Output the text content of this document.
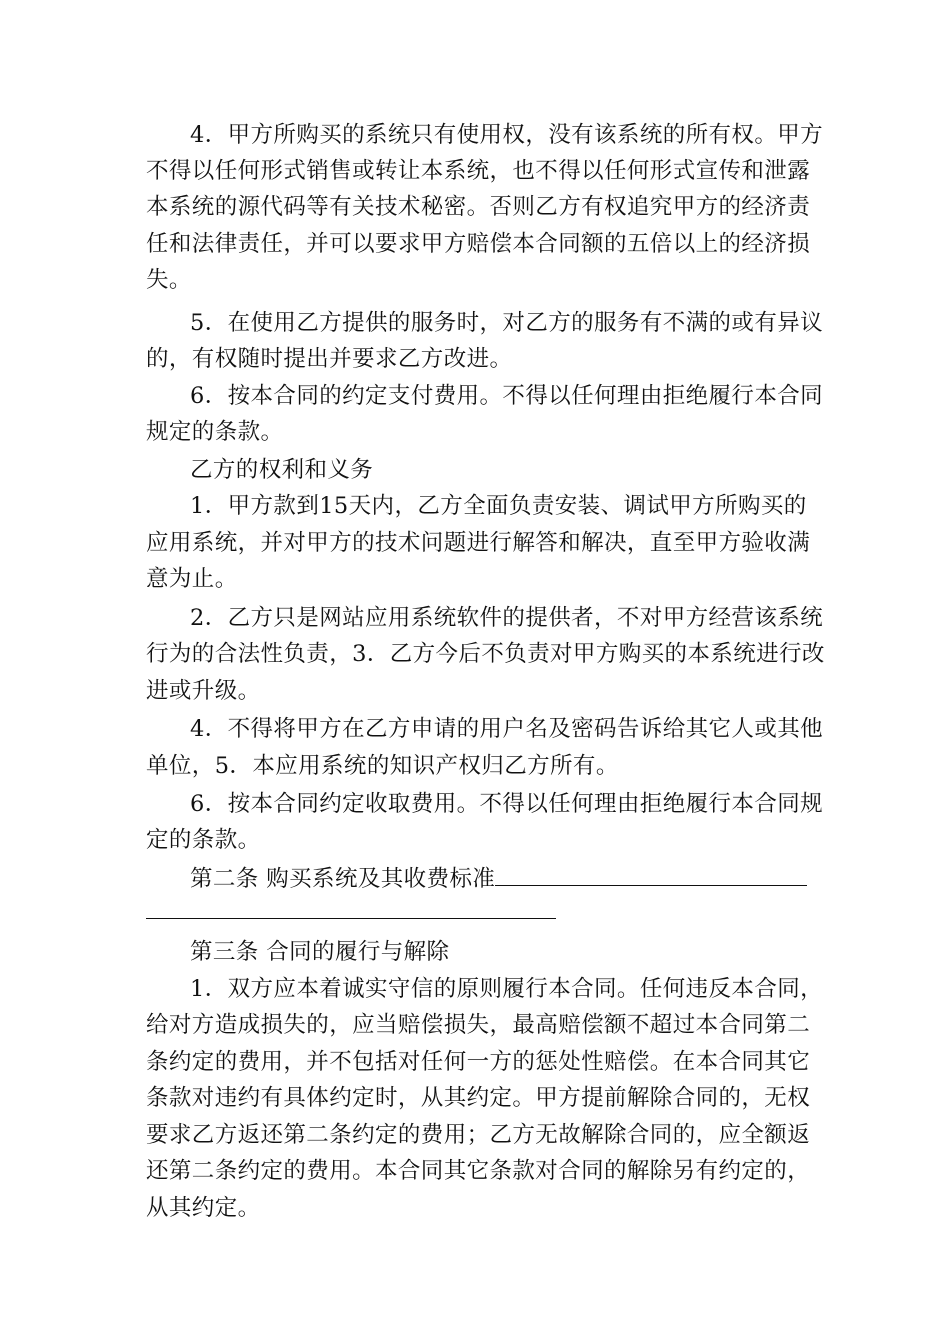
4．甲方所购买的系统只有使用权，没有该系统的所有权。甲方
不得以任何形式销售或转让本系统，也不得以任何形式宣传和泄露
本系统的源代码等有关技术秘密。否则乙方有权追究甲方的经济责
任和法律责任，并可以要求甲方赔偿本合同额的五倍以上的经济损
失。
5．在使用乙方提供的服务时，对乙方的服务有不满的或有异议
的，有权随时提出并要求乙方改进。
6．按本合同的约定支付费用。不得以任何理由拒绝履行本合同
规定的条款。
乙方的权利和义务
1．甲方款到15天内，乙方全面负责安装、调试甲方所购买的
应用系统，并对甲方的技术问题进行解答和解决，直至甲方验收满
意为止。
2．乙方只是网站应用系统软件的提供者，不对甲方经营该系统
行为的合法性负责，3．乙方今后不负责对甲方购买的本系统进行改
进或升级。
4．不得将甲方在乙方申请的用户名及密码告诉给其它人或其他
单位，5．本应用系统的知识产权归乙方所有。
6．按本合同约定收取费用。不得以任何理由拒绝履行本合同规
定的条款。
第二条 购买系统及其收费标准
第三条 合同的履行与解除
1．双方应本着诚实守信的原则履行本合同。任何违反本合同，
给对方造成损失的，应当赔偿损失，最高赔偿额不超过本合同第二
条约定的费用，并不包括对任何一方的惩处性赔偿。在本合同其它
条款对违约有具体约定时，从其约定。甲方提前解除合同的，无权
要求乙方返还第二条约定的费用；乙方无故解除合同的，应全额返
还第二条约定的费用。本合同其它条款对合同的解除另有约定的，
从其约定。
